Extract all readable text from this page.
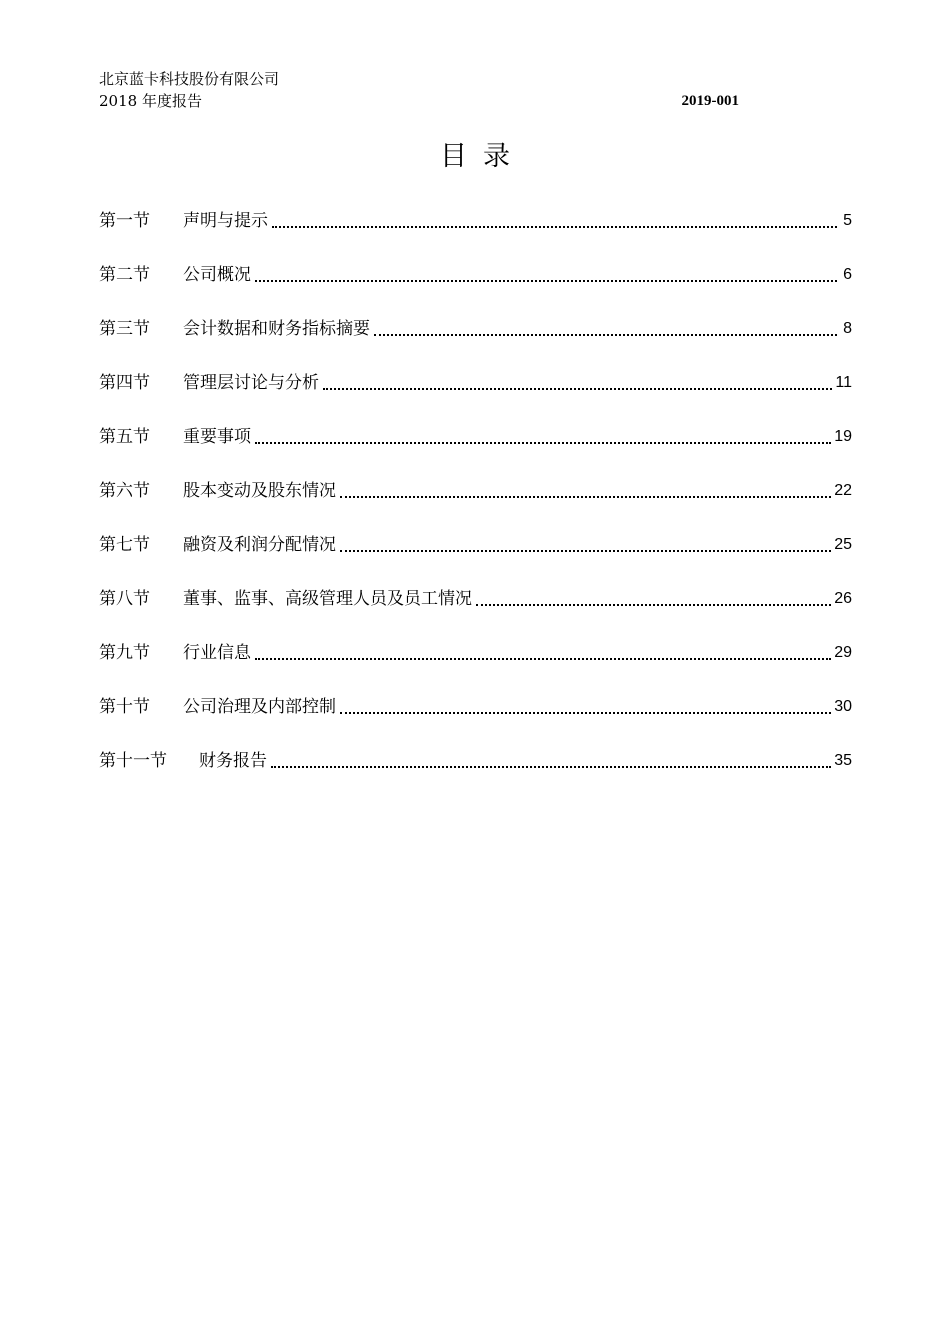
北京蓝卡科技股份有限公司
2018 年度报告	2019-001
目录
第一节	声明与提示	5
第二节	公司概况	6
第三节	会计数据和财务指标摘要	8
第四节	管理层讨论与分析	11
第五节	重要事项	19
第六节	股本变动及股东情况	22
第七节	融资及利润分配情况	25
第八节	董事、监事、高级管理人员及员工情况	26
第九节	行业信息	29
第十节	公司治理及内部控制	30
第十一节	财务报告	35
